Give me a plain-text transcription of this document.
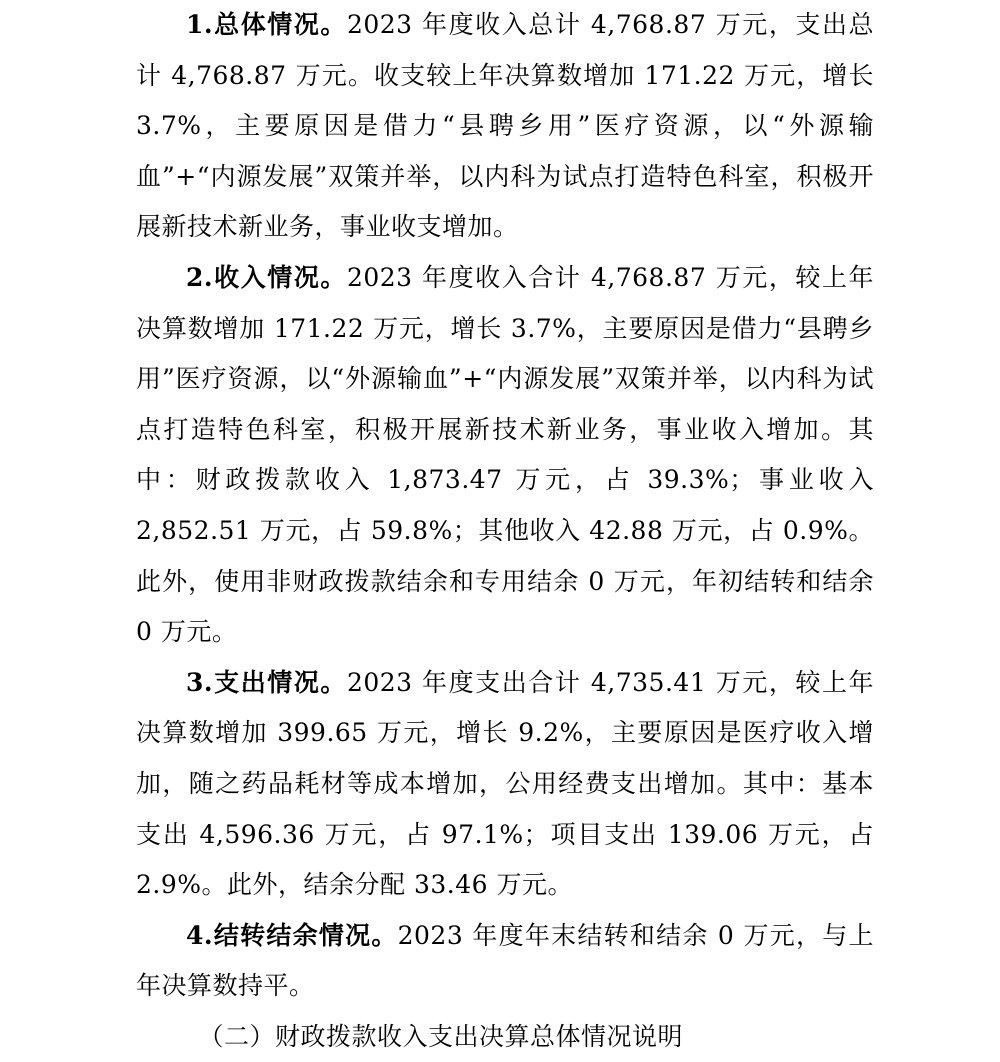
1.总体情况。2023 年度收入总计 4,768.87 万元，支出总计 4,768.87 万元。收支较上年决算数增加 171.22 万元，增长 3.7%，主要原因是借力“县聘乡用”医疗资源，以“外源输血”+“内源发展”双策并举，以内科为试点打造特色科室，积极开展新技术新业务，事业收支增加。

2.收入情况。2023 年度收入合计 4,768.87 万元，较上年决算数增加 171.22 万元，增长 3.7%，主要原因是借力“县聘乡用”医疗资源，以“外源输血”+“内源发展”双策并举，以内科为试点打造特色科室，积极开展新技术新业务，事业收入增加。其中：财政拨款收入 1,873.47 万元，占 39.3%；事业收入 2,852.51 万元，占 59.8%；其他收入 42.88 万元，占 0.9%。此外，使用非财政拨款结余和专用结余 0 万元，年初结转和结余 0 万元。

3.支出情况。2023 年度支出合计 4,735.41 万元，较上年决算数增加 399.65 万元，增长 9.2%，主要原因是医疗收入增加，随之药品耗材等成本增加，公用经费支出增加。其中：基本支出 4,596.36 万元，占 97.1%；项目支出 139.06 万元，占 2.9%。此外，结余分配 33.46 万元。

4.结转结余情况。2023 年度年末结转和结余 0 万元，与上年决算数持平。

（二）财政拨款收入支出决算总体情况说明
